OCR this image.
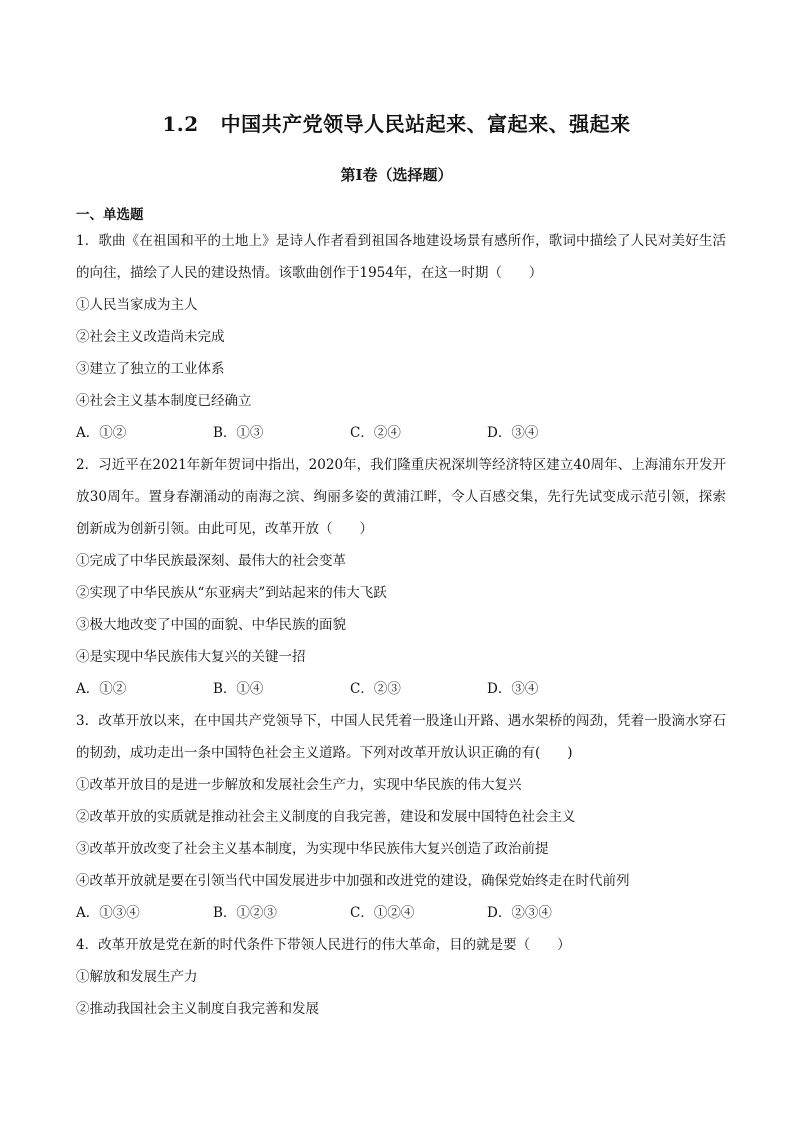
1.2 中国共产党领导人民站起来、富起来、强起来
第Ⅰ卷（选择题）
一、单选题
1．歌曲《在祖国和平的土地上》是诗人作者看到祖国各地建设场景有感所作，歌词中描绘了人民对美好生活的向往，描绘了人民的建设热情。该歌曲创作于1954年，在这一时期（　　）
①人民当家成为主人
②社会主义改造尚未完成
③建立了独立的工业体系
④社会主义基本制度已经确立
A．①②	B．①③	C．②④	D．③④
2．习近平在2021年新年贺词中指出，2020年，我们隆重庆祝深圳等经济特区建立40周年、上海浦东开发开放30周年。置身春潮涌动的南海之滨、绚丽多姿的黄浦江畔，令人百感交集，先行先试变成示范引领，探索创新成为创新引领。由此可见，改革开放（　　）
①完成了中华民族最深刻、最伟大的社会变革
②实现了中华民族从“东亚病夫”到站起来的伟大飞跃
③极大地改变了中国的面貌、中华民族的面貌
④是实现中华民族伟大复兴的关键一招
A．①②	B．①④	C．②③	D．③④
3．改革开放以来，在中国共产党领导下，中国人民凭着一股逢山开路、遇水架桥的闯劲，凭着一股滴水穿石的韧劲，成功走出一条中国特色社会主义道路。下列对改革开放认识正确的有(　　)
①改革开放目的是进一步解放和发展社会生产力，实现中华民族的伟大复兴
②改革开放的实质就是推动社会主义制度的自我完善，建设和发展中国特色社会主义
③改革开放改变了社会主义基本制度，为实现中华民族伟大复兴创造了政治前提
④改革开放就是要在引领当代中国发展进步中加强和改进党的建设，确保党始终走在时代前列
A．①③④	B．①②③	C．①②④	D．②③④
4．改革开放是党在新的时代条件下带领人民进行的伟大革命，目的就是要（　　）
①解放和发展生产力
②推动我国社会主义制度自我完善和发展
